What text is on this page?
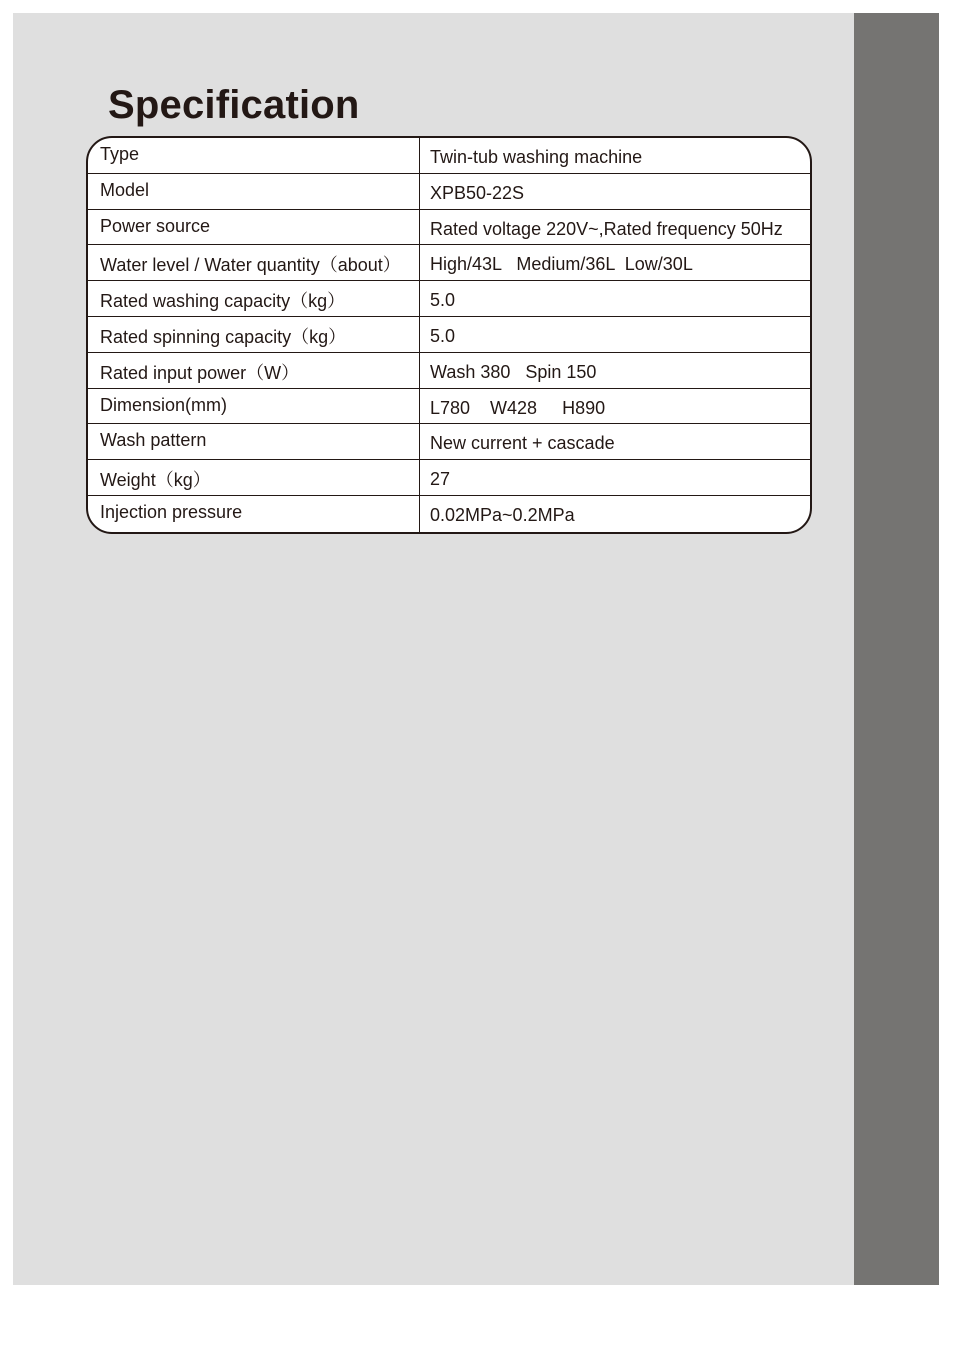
Specification
Type	Twin-tub washing machine
Model	XPB50-22S
Power source	Rated voltage 220V~,Rated frequency 50Hz
Water level / Water quantity（about）	High/43L   Medium/36L  Low/30L
Rated washing capacity（kg）	5.0
Rated spinning capacity（kg）	5.0
Rated input power（W）	Wash 380   Spin 150
Dimension(mm)	L780    W428     H890
Wash pattern	New current + cascade
Weight（kg）	27
Injection pressure	0.02MPa~0.2MPa
